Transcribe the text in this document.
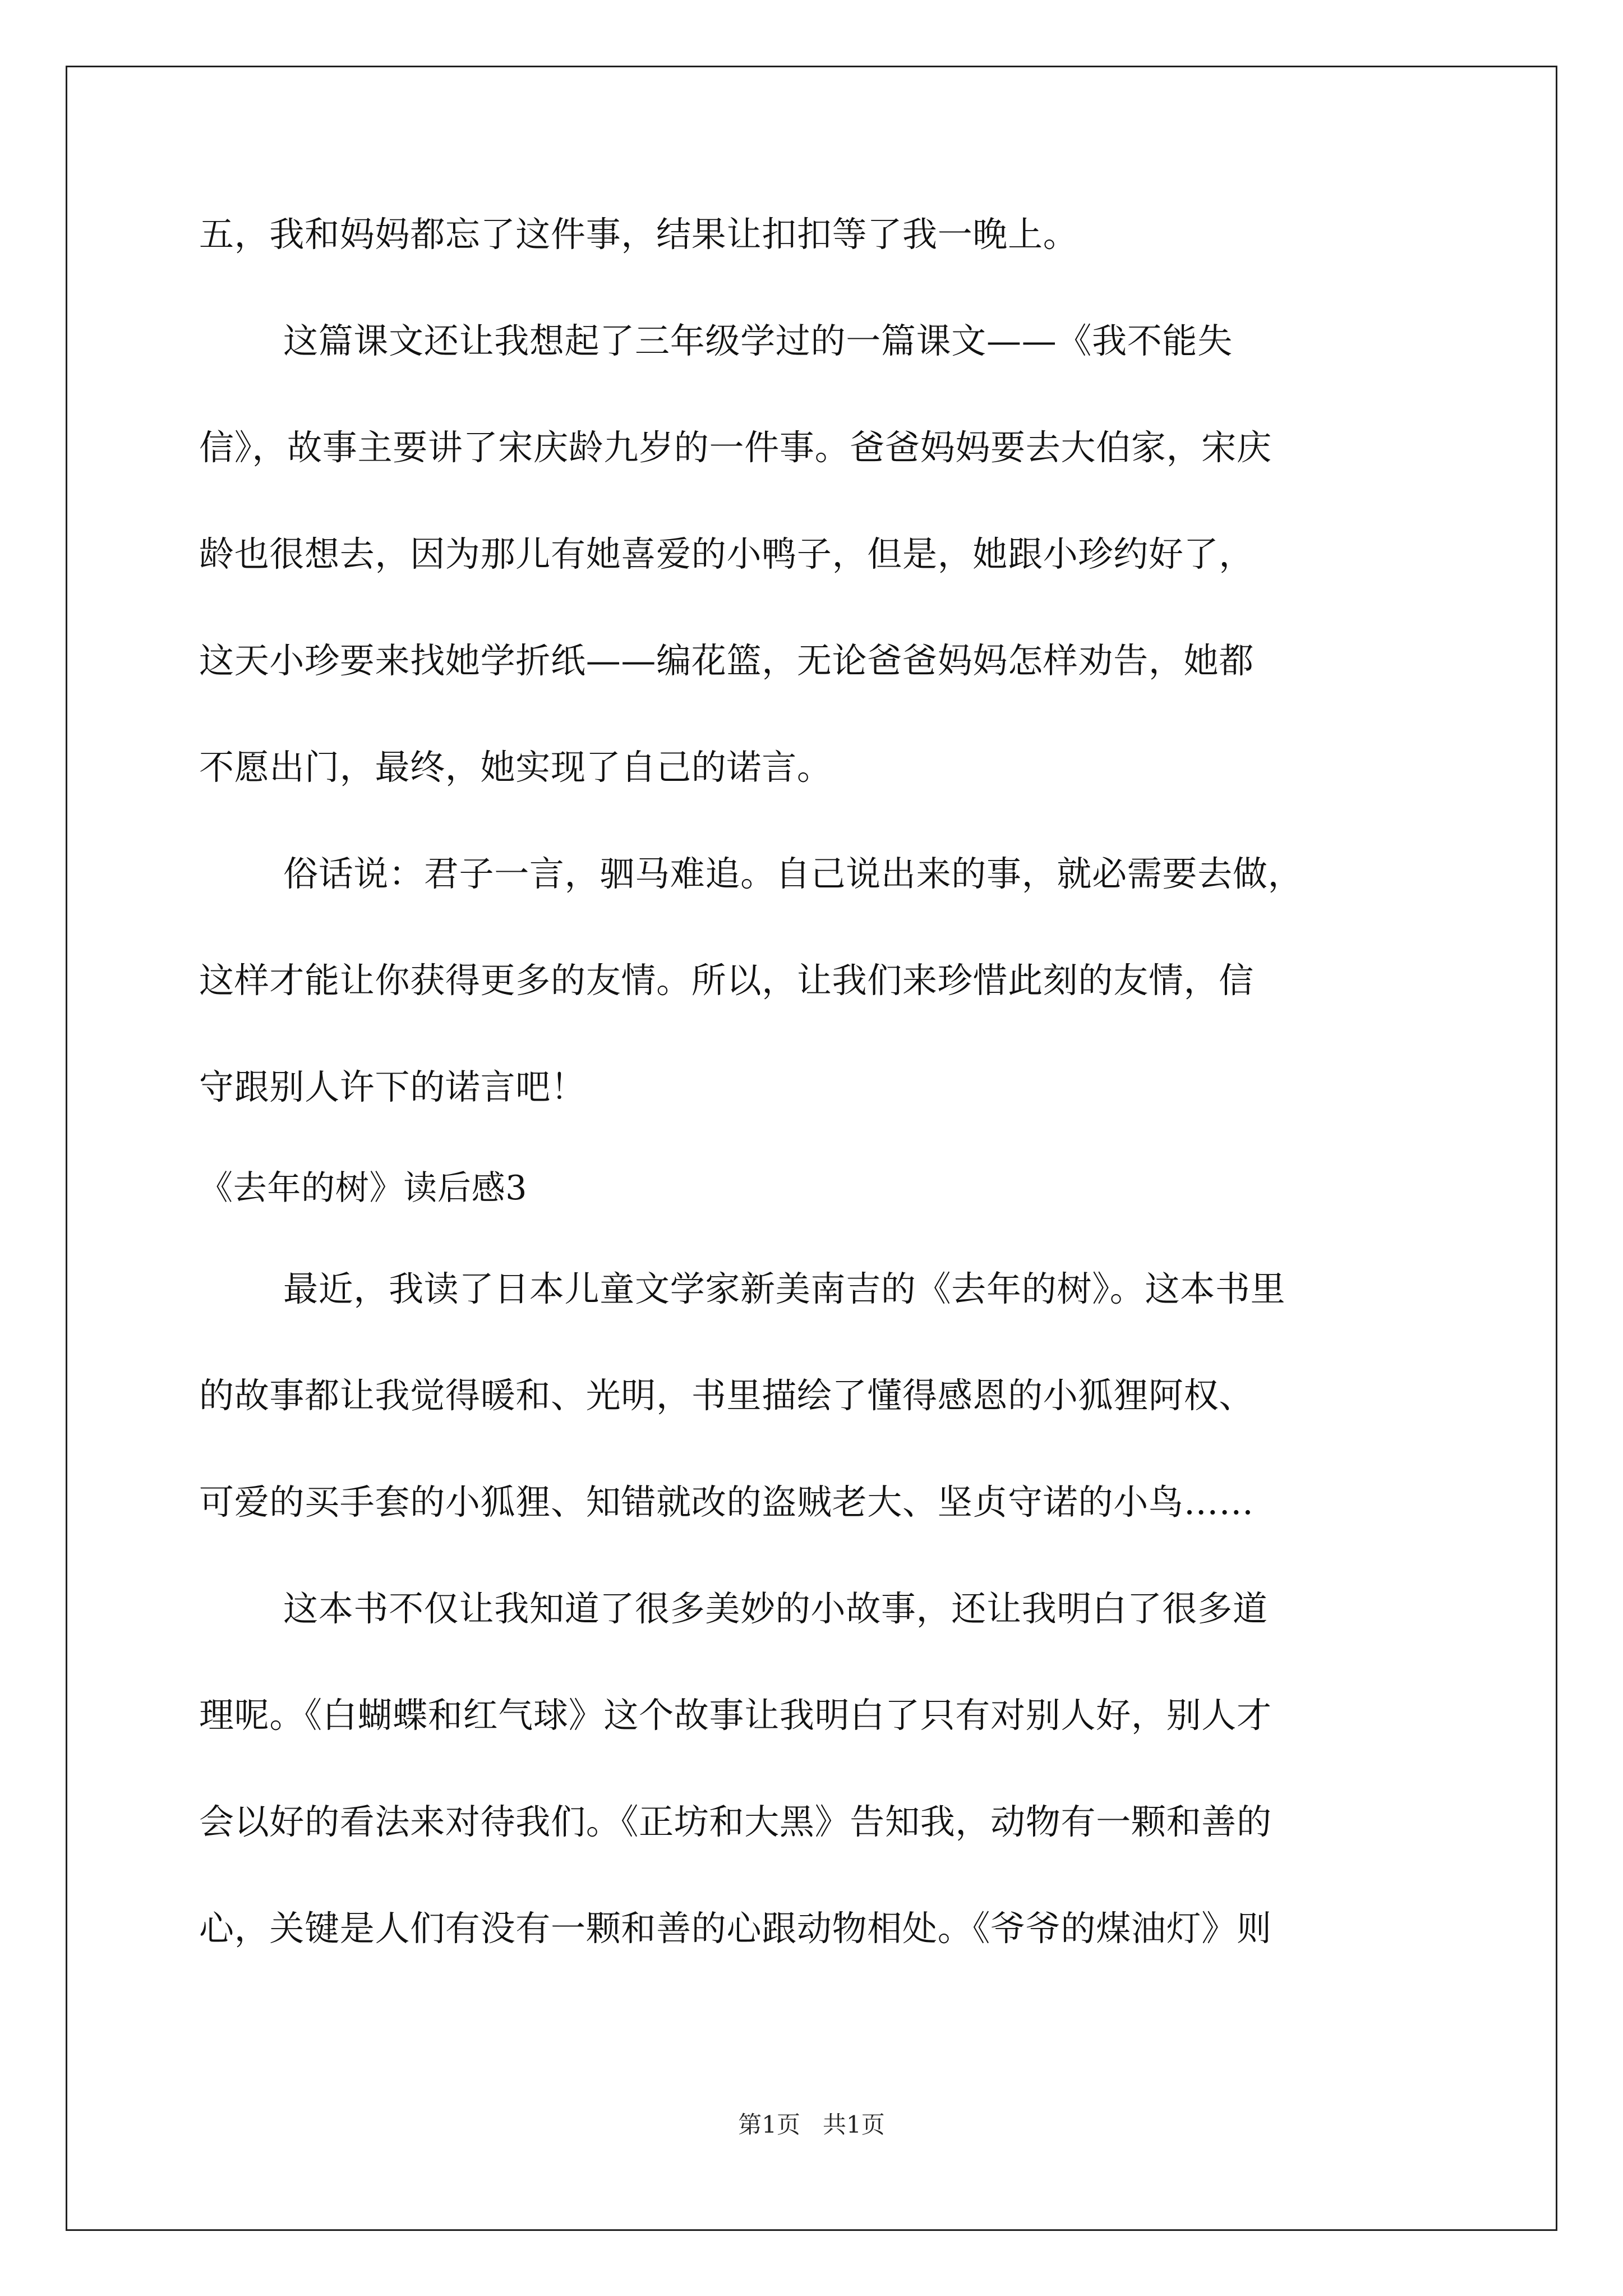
五，我和妈妈都忘了这件事，结果让扣扣等了我一晚上。
这篇课文还让我想起了三年级学过的一篇课文——《我不能失
信》，故事主要讲了宋庆龄九岁的一件事。爸爸妈妈要去大伯家，宋庆
龄也很想去，因为那儿有她喜爱的小鸭子，但是，她跟小珍约好了，
这天小珍要来找她学折纸——编花篮，无论爸爸妈妈怎样劝告，她都
不愿出门，最终，她实现了自己的诺言。
俗话说：君子一言，驷马难追。自己说出来的事，就必需要去做，
这样才能让你获得更多的友情。所以，让我们来珍惜此刻的友情，信
守跟别人许下的诺言吧！
《去年的树》读后感3
最近，我读了日本儿童文学家新美南吉的《去年的树》。这本书里
的故事都让我觉得暖和、光明，书里描绘了懂得感恩的小狐狸阿权、
可爱的买手套的小狐狸、知错就改的盗贼老大、坚贞守诺的小鸟……
这本书不仅让我知道了很多美妙的小故事，还让我明白了很多道
理呢。《白蝴蝶和红气球》这个故事让我明白了只有对别人好，别人才
会以好的看法来对待我们。《正坊和大黑》告知我，动物有一颗和善的
心，关键是人们有没有一颗和善的心跟动物相处。《爷爷的煤油灯》则
第1页   共1页
